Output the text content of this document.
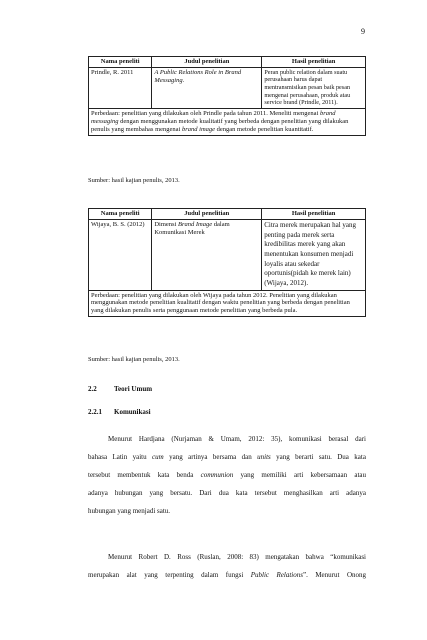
9
Nama peneliti	Judul penelitian	Hasil penelitian
Prindle, R. 2011	A Public Relations Role in Brand Messaging.	Peran public relation dalam suatu perusahaan harus dapat mentransmisikan pesan baik pesan mengenai perusahaan, produk atau service brand (Prindle, 2011).
Perbedaan: penelitian yang dilakukan oleh Prindle pada tahun 2011. Meneliti mengenai brand messaging dengan menggunakan metode kualitatif yang berbeda dengan penelitian yang dilakukan penulis yang membahas mengenai brand image dengan metode penelitian kuantitatif.		
Sumber: hasil kajian penulis, 2013.
Nama peneliti	Judul penelitian	Hasil penelitian
Wijaya, B. S. (2012)	Dimensi Brand Image dalam Komunikasi Merek	Citra merek merupakan hal yang penting pada merek serta kredibilitas merek yang akan menentukan konsumen menjadi loyalis atau sekedar oportunis(pidah ke merek lain) (Wijaya, 2012).
Perbedaan: penelitian yang dilakukan oleh Wijaya pada tahun 2012. Penelitian yang dilakukan menggunakan metode penelitian kualitatif dengan waktu penelitian yang berbeda dengan penelitian yang dilakukan penulis serta penggunaan metode penelitian yang berbeda pula.		
Sumber: hasil kajian penulis, 2013.
2.2 Teori Umum
2.2.1 Komunikasi
Menurut Hardjana (Nurjaman & Umam, 2012: 35), komunikasi berasal dari
bahasa Latin yaitu cum yang artinya bersama dan units yang berarti satu. Dua kata
tersebut membentuk kata benda communion yang memiliki arti kebersamaan atau
adanya hubungan yang bersatu. Dari dua kata tersebut menghasilkan arti adanya
hubungan yang menjadi satu.
Menurut Robert D. Ross (Ruslan, 2008: 83) mengatakan bahwa “komunikasi
merupakan alat yang terpenting dalam fungsi Public Relations”. Menurut Onong
